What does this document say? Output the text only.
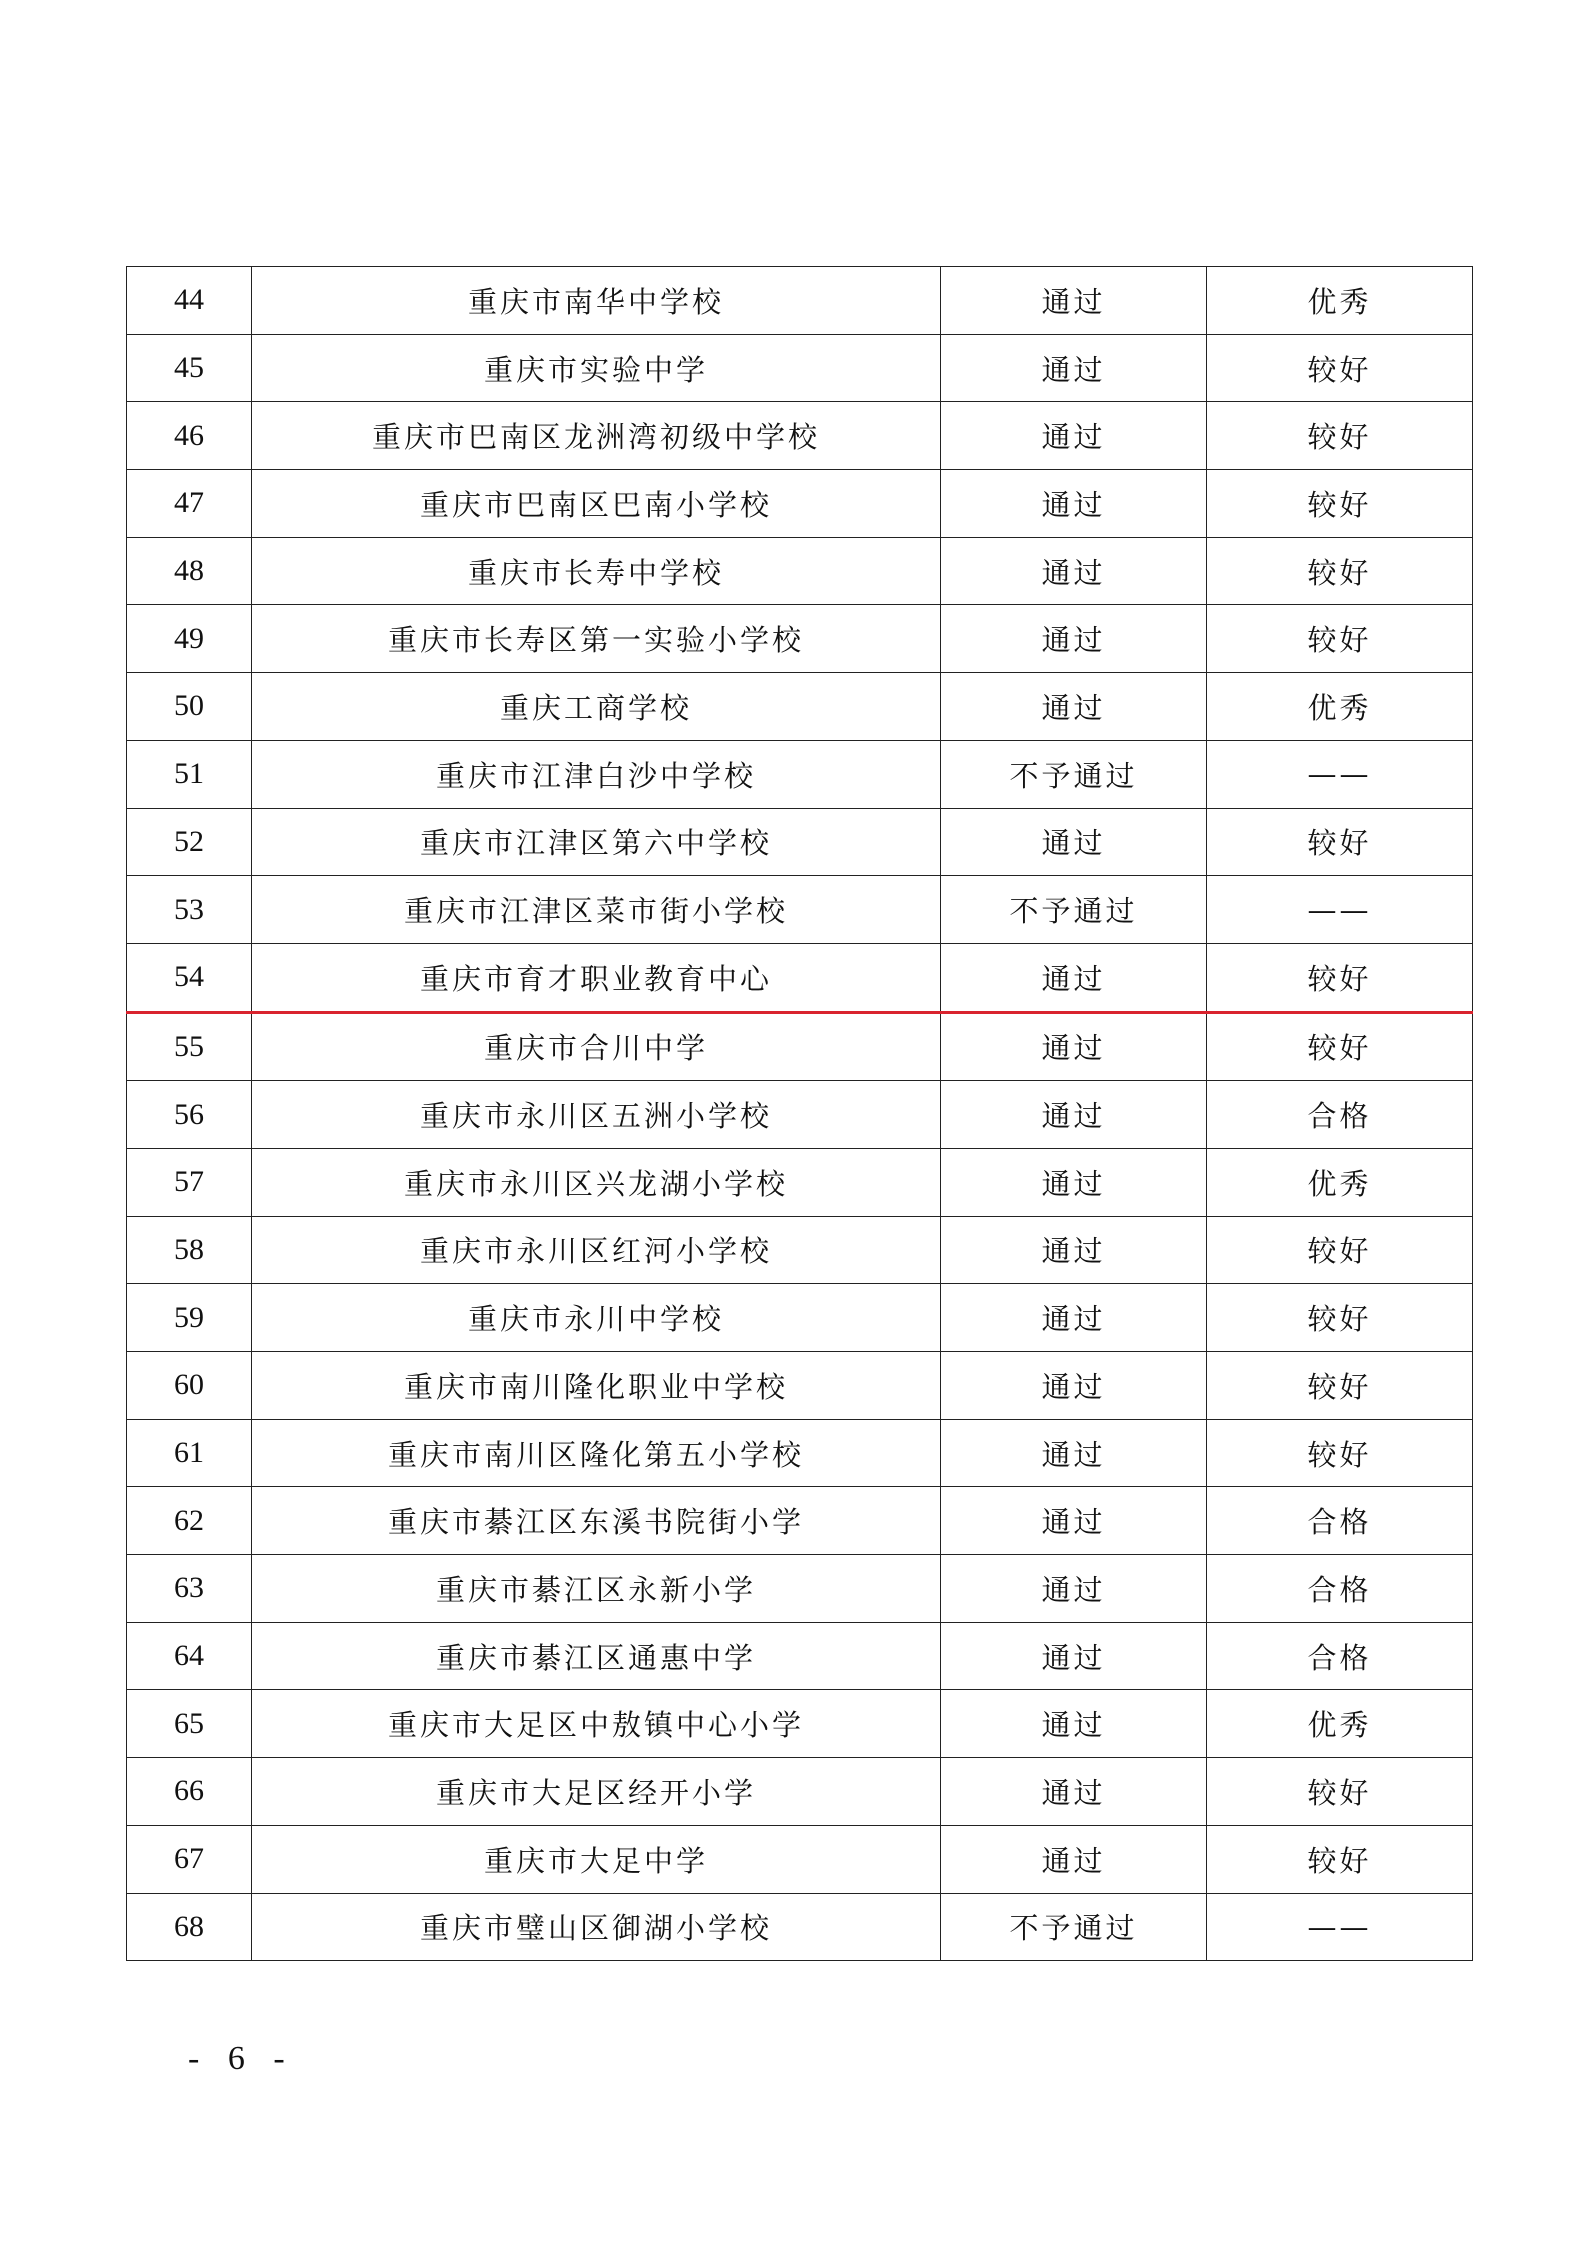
44	重庆市南华中学校	通过	优秀
45	重庆市实验中学	通过	较好
46	重庆市巴南区龙洲湾初级中学校	通过	较好
47	重庆市巴南区巴南小学校	通过	较好
48	重庆市长寿中学校	通过	较好
49	重庆市长寿区第一实验小学校	通过	较好
50	重庆工商学校	通过	优秀
51	重庆市江津白沙中学校	不予通过	——
52	重庆市江津区第六中学校	通过	较好
53	重庆市江津区菜市街小学校	不予通过	——
54	重庆市育才职业教育中心	通过	较好
55	重庆市合川中学	通过	较好
56	重庆市永川区五洲小学校	通过	合格
57	重庆市永川区兴龙湖小学校	通过	优秀
58	重庆市永川区红河小学校	通过	较好
59	重庆市永川中学校	通过	较好
60	重庆市南川隆化职业中学校	通过	较好
61	重庆市南川区隆化第五小学校	通过	较好
62	重庆市綦江区东溪书院街小学	通过	合格
63	重庆市綦江区永新小学	通过	合格
64	重庆市綦江区通惠中学	通过	合格
65	重庆市大足区中敖镇中心小学	通过	优秀
66	重庆市大足区经开小学	通过	较好
67	重庆市大足中学	通过	较好
68	重庆市璧山区御湖小学校	不予通过	——
- 6 -
